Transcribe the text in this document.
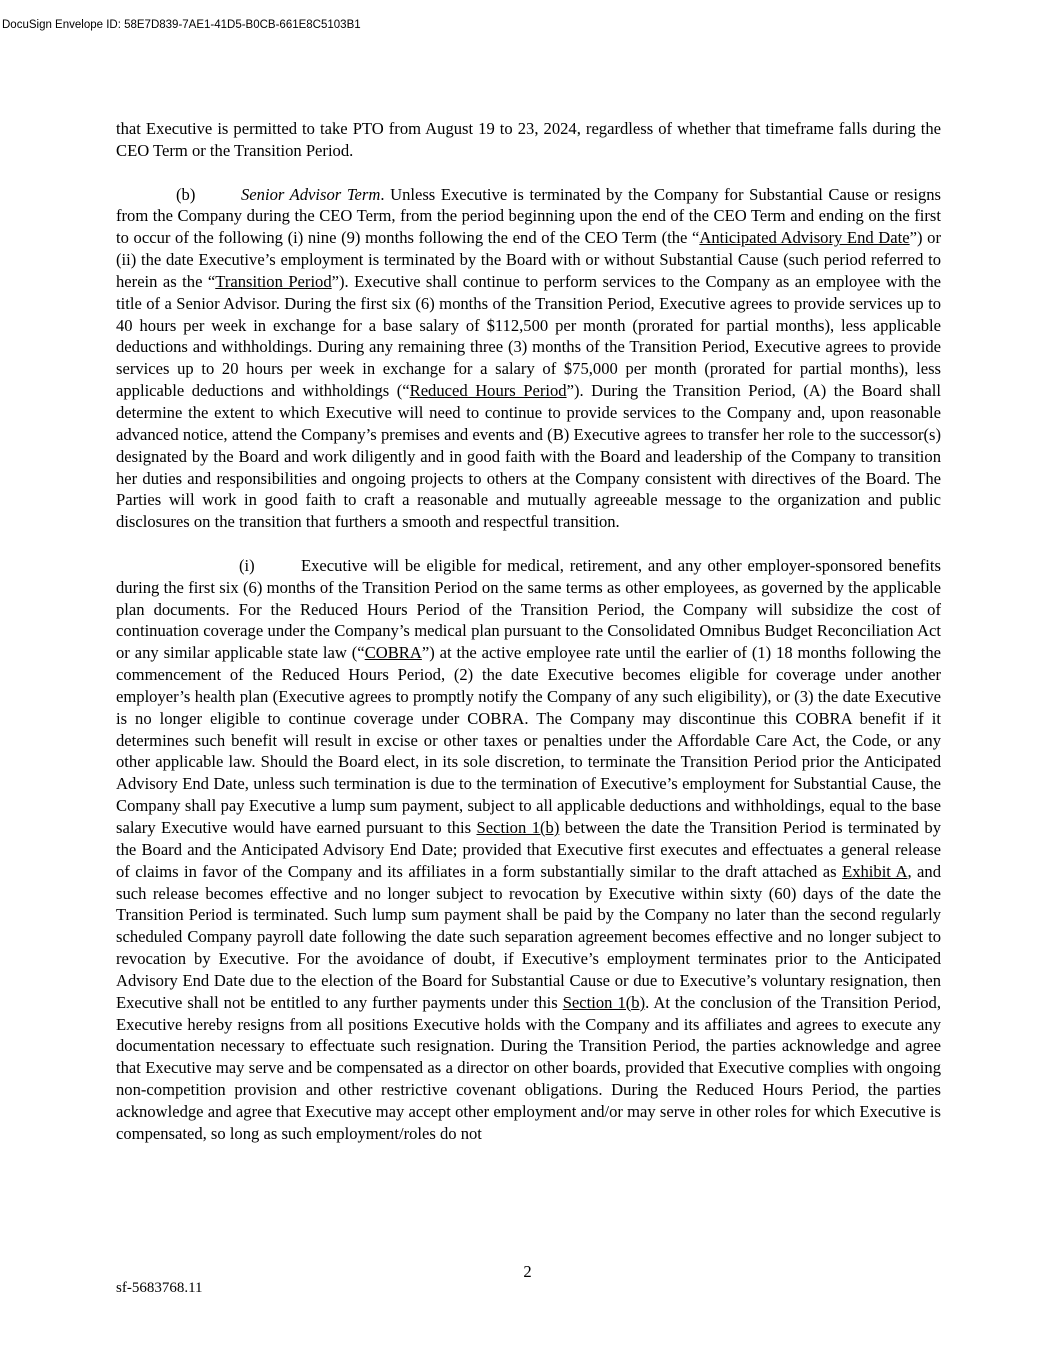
DocuSign Envelope ID: 58E7D839-7AE1-41D5-B0CB-661E8C5103B1

that Executive is permitted to take PTO from August 19 to 23, 2024, regardless of whether that timeframe falls during the CEO Term or the Transition Period.

(b)	Senior Advisor Term. Unless Executive is terminated by the Company for Substantial Cause or resigns from the Company during the CEO Term, from the period beginning upon the end of the CEO Term and ending on the first to occur of the following (i) nine (9) months following the end of the CEO Term (the “Anticipated Advisory End Date”) or (ii) the date Executive’s employment is terminated by the Board with or without Substantial Cause (such period referred to herein as the “Transition Period”). Executive shall continue to perform services to the Company as an employee with the title of a Senior Advisor. During the first six (6) months of the Transition Period, Executive agrees to provide services up to 40 hours per week in exchange for a base salary of $112,500 per month (prorated for partial months), less applicable deductions and withholdings. During any remaining three (3) months of the Transition Period, Executive agrees to provide services up to 20 hours per week in exchange for a salary of $75,000 per month (prorated for partial months), less applicable deductions and withholdings (“Reduced Hours Period”). During the Transition Period, (A) the Board shall determine the extent to which Executive will need to continue to provide services to the Company and, upon reasonable advanced notice, attend the Company’s premises and events and (B) Executive agrees to transfer her role to the successor(s) designated by the Board and work diligently and in good faith with the Board and leadership of the Company to transition her duties and responsibilities and ongoing projects to others at the Company consistent with directives of the Board. The Parties will work in good faith to craft a reasonable and mutually agreeable message to the organization and public disclosures on the transition that furthers a smooth and respectful transition.

(i)	Executive will be eligible for medical, retirement, and any other employer-sponsored benefits during the first six (6) months of the Transition Period on the same terms as other employees, as governed by the applicable plan documents. For the Reduced Hours Period of the Transition Period, the Company will subsidize the cost of continuation coverage under the Company’s medical plan pursuant to the Consolidated Omnibus Budget Reconciliation Act or any similar applicable state law (“COBRA”) at the active employee rate until the earlier of (1) 18 months following the commencement of the Reduced Hours Period, (2) the date Executive becomes eligible for coverage under another employer’s health plan (Executive agrees to promptly notify the Company of any such eligibility), or (3) the date Executive is no longer eligible to continue coverage under COBRA. The Company may discontinue this COBRA benefit if it determines such benefit will result in excise or other taxes or penalties under the Affordable Care Act, the Code, or any other applicable law. Should the Board elect, in its sole discretion, to terminate the Transition Period prior the Anticipated Advisory End Date, unless such termination is due to the termination of Executive’s employment for Substantial Cause, the Company shall pay Executive a lump sum payment, subject to all applicable deductions and withholdings, equal to the base salary Executive would have earned pursuant to this Section 1(b) between the date the Transition Period is terminated by the Board and the Anticipated Advisory End Date; provided that Executive first executes and effectuates a general release of claims in favor of the Company and its affiliates in a form substantially similar to the draft attached as Exhibit A, and such release becomes effective and no longer subject to revocation by Executive within sixty (60) days of the date the Transition Period is terminated. Such lump sum payment shall be paid by the Company no later than the second regularly scheduled Company payroll date following the date such separation agreement becomes effective and no longer subject to revocation by Executive. For the avoidance of doubt, if Executive’s employment terminates prior to the Anticipated Advisory End Date due to the election of the Board for Substantial Cause or due to Executive’s voluntary resignation, then Executive shall not be entitled to any further payments under this Section 1(b). At the conclusion of the Transition Period, Executive hereby resigns from all positions Executive holds with the Company and its affiliates and agrees to execute any documentation necessary to effectuate such resignation. During the Transition Period, the parties acknowledge and agree that Executive may serve and be compensated as a director on other boards, provided that Executive complies with ongoing non-competition provision and other restrictive covenant obligations. During the Reduced Hours Period, the parties acknowledge and agree that Executive may accept other employment and/or may serve in other roles for which Executive is compensated, so long as such employment/roles do not

2
sf-5683768.11
